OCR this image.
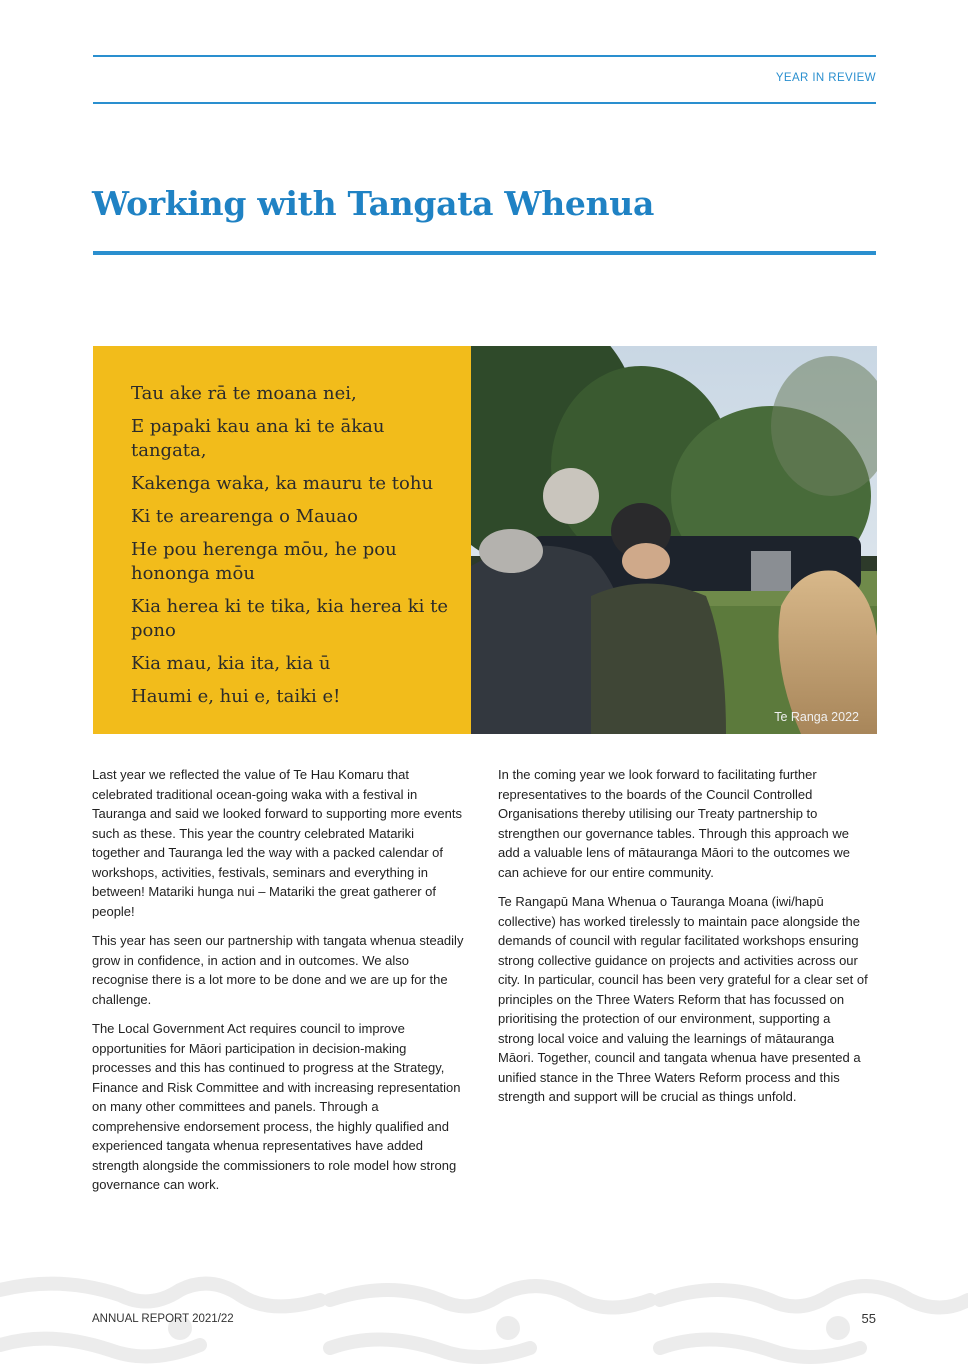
YEAR IN REVIEW
Working with Tangata Whenua

Tau ake rā te moana nei,

E papaki kau ana ki te ākau tangata,

Kakenga waka, ka mauru te tohu

Ki te arearenga o Mauao

He pou herenga mōu, he pou hononga mōu

Kia herea ki te tika, kia herea ki te pono

Kia mau, kia ita, kia ū

Haumi e, hui e, taiki e!

Te Ranga 2022

Last year we reflected the value of Te Hau Komaru that celebrated traditional ocean-going waka with a festival in Tauranga and said we looked forward to supporting more events such as these. This year the country celebrated Matariki together and Tauranga led the way with a packed calendar of workshops, activities, festivals, seminars and everything in between! Matariki hunga nui – Matariki the great gatherer of people!

This year has seen our partnership with tangata whenua steadily grow in confidence, in action and in outcomes. We also recognise there is a lot more to be done and we are up for the challenge.

The Local Government Act requires council to improve opportunities for Māori participation in decision-making processes and this has continued to progress at the Strategy, Finance and Risk Committee and with increasing representation on many other committees and panels. Through a comprehensive endorsement process, the highly qualified and experienced tangata whenua representatives have added strength alongside the commissioners to role model how strong governance can work.

In the coming year we look forward to facilitating further representatives to the boards of the Council Controlled Organisations thereby utilising our Treaty partnership to strengthen our governance tables. Through this approach we add a valuable lens of mātauranga Māori to the outcomes we can achieve for our entire community.

Te Rangapū Mana Whenua o Tauranga Moana (iwi/hapū collective) has worked tirelessly to maintain pace alongside the demands of council with regular facilitated workshops ensuring strong collective guidance on projects and activities across our city. In particular, council has been very grateful for a clear set of principles on the Three Waters Reform that has focussed on prioritising the protection of our environment, supporting a strong local voice and valuing the learnings of mātauranga Māori. Together, council and tangata whenua have presented a unified stance in the Three Waters Reform process and this strength and support will be crucial as things unfold.

ANNUAL REPORT 2021/22	55
